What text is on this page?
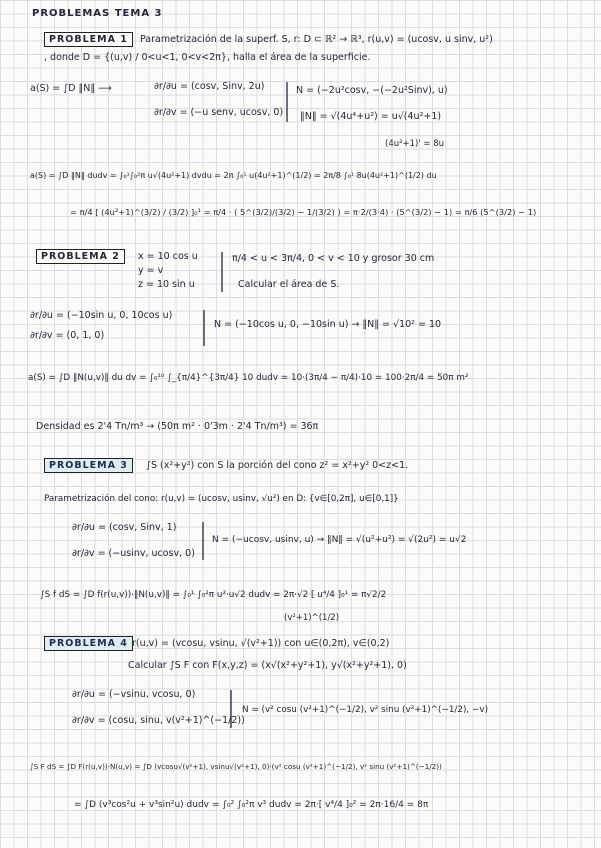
PROBLEMAS TEMA 3
PROBLEMA 1	Parametrización de la superf. S, r: D ⊂ ℝ² → ℝ³, r(u,v) = (ucosv, u sinv, u²)
, donde D = {(u,v) / 0<u<1, 0<v<2π}, halla el área de la superficie.
a(S) = ∫D ‖N‖ ⟶	∂r/∂u = (cosv, Sinv, 2u)
∂r/∂v = (−u senv, ucosv, 0)
N = (−2u²cosv, −(−2u²Sinv), u)
‖N‖ = √(4u⁴+u²) = u√(4u²+1)
(4u²+1)' = 8u
a(S) = ∫D ‖N‖ dudv = ∫₀¹∫₀²π u√(4u²+1) dvdu = 2π ∫₀¹ u(4u²+1)^(1/2) = 2π/8 ∫₀¹ 8u(4u²+1)^(1/2) du
= π/4 [ (4u²+1)^(3/2) / (3/2) ]₀¹ = π/4 · ( 5^(3/2)/(3/2) − 1/(3/2) ) = π·2/(3·4) · (5^(3/2) − 1) = π/6 (5^(3/2) − 1)
PROBLEMA 2	x = 10 cos u
y = v
z = 10 sin u
π/4 < u < 3π/4, 0 < v < 10 y grosor 30 cm
Calcular el área de S.
∂r/∂u = (−10sin u, 0, 10cos u)
∂r/∂v = (0, 1, 0)
N = (−10cos u, 0, −10sin u) → ‖N‖ = √10² = 10
a(S) = ∫D ‖N(u,v)‖ du dv = ∫₀¹⁰ ∫_{π/4}^{3π/4} 10 dudv = 10·(3π/4 − π/4)·10 = 100·2π/4 = 50π m²
Densidad es 2'4 Tn/m³ → (50π m² · 0'3m · 2'4 Tn/m³) = 36π
PROBLEMA 3	∫S (x²+y²) con S la porción del cono z² = x²+y² 0<z<1.
Parametrización del cono: r(u,v) = (ucosv, usinv, √u²) en D: {v∈[0,2π], u∈[0,1]}
∂r/∂u = (cosv, Sinv, 1)
∂r/∂v = (−usinv, ucosv, 0)
N = (−ucosv, usinv, u) → ‖N‖ = √(u²+u²) = √(2u²) = u√2
∫S f dS = ∫D f(r(u,v))·‖N(u,v)‖ = ∫₀¹ ∫₀²π u²·u√2 dudv = 2π·√2 [ u⁴/4 ]₀¹ = π√2/2
(v²+1)^(1/2)
PROBLEMA 4 r(u,v) = (vcosu, vsinu, √(v²+1)) con u∈(0,2π), v∈(0,2)
Calcular ∫S F con F(x,y,z) = (x√(x²+y²+1), y√(x²+y²+1), 0)
∂r/∂u = (−vsinu, vcosu, 0)
∂r/∂v = (cosu, sinu, v(v²+1)^(−1/2))
N = (v² cosu (v²+1)^(−1/2), v² sinu (v²+1)^(−1/2), −v)
∫S F dS = ∫D F(r(u,v))·N(u,v) = ∫D (vcosu√(v²+1), vsinu√(v²+1), 0)·(v² cosu (v²+1)^(−1/2), v² sinu (v²+1)^(−1/2))
= ∫D (v³cos²u + v³sin²u) dudv = ∫₀² ∫₀²π v³ dudv = 2π·[ v⁴/4 ]₀² = 2π·16/4 = 8π
